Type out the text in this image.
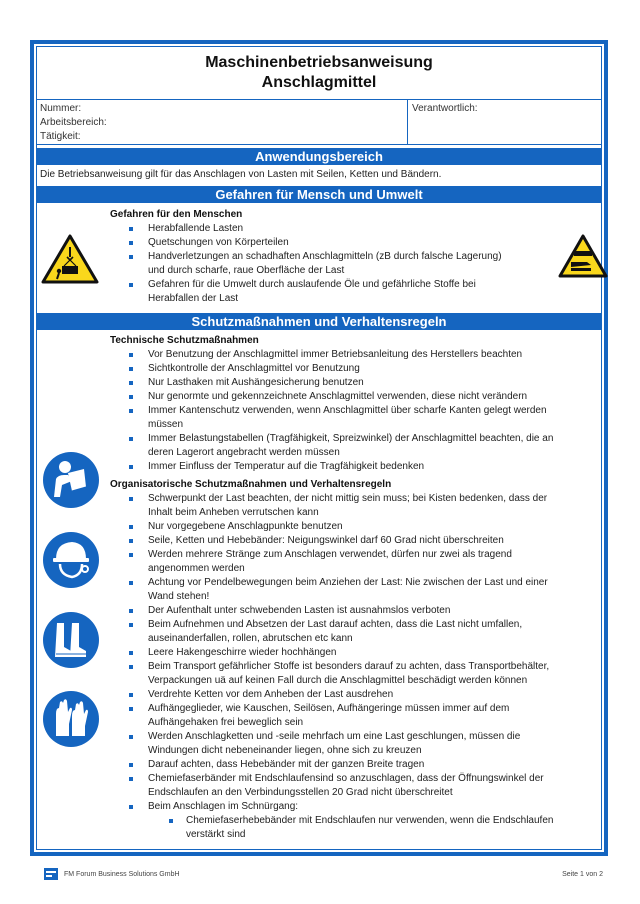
Maschinenbetriebsanweisung
Anschlagmittel
Nummer:
Arbeitsbereich:
Tätigkeit:
Verantwortlich:
Anwendungsbereich
Die Betriebsanweisung gilt für das Anschlagen von Lasten mit Seilen, Ketten und Bändern.
Gefahren für Mensch und Umwelt
Gefahren für den Menschen
Herabfallende Lasten
Quetschungen von Körperteilen
Handverletzungen an schadhaften Anschlagmitteln (zB durch falsche Lagerung)
und durch scharfe, raue Oberfläche der Last
Gefahren für die Umwelt durch auslaufende Öle und gefährliche Stoffe bei
Herabfallen der Last
Schutzmaßnahmen und Verhaltensregeln
Technische Schutzmaßnahmen
Vor Benutzung der Anschlagmittel immer Betriebsanleitung des Herstellers beachten
Sichtkontrolle der Anschlagmittel vor Benutzung
Nur Lasthaken mit Aushängesicherung benutzen
Nur genormte und gekennzeichnete Anschlagmittel verwenden, diese nicht verändern
Immer Kantenschutz verwenden, wenn Anschlagmittel über scharfe Kanten gelegt werden
müssen
Immer Belastungstabellen (Tragfähigkeit, Spreizwinkel) der Anschlagmittel beachten, die an
deren Lagerort angebracht werden müssen
Immer Einfluss der Temperatur auf die Tragfähigkeit bedenken
Organisatorische Schutzmaßnahmen und Verhaltensregeln
Schwerpunkt der Last beachten, der nicht mittig sein muss; bei Kisten bedenken, dass der
Inhalt beim Anheben verrutschen kann
Nur vorgegebene Anschlagpunkte benutzen
Seile, Ketten und Hebebänder: Neigungswinkel darf 60 Grad nicht überschreiten
Werden mehrere Stränge zum Anschlagen verwendet, dürfen nur zwei als tragend
angenommen werden
Achtung vor Pendelbewegungen beim Anziehen der Last: Nie zwischen der Last und einer
Wand stehen!
Der Aufenthalt unter schwebenden Lasten ist ausnahmslos verboten
Beim Aufnehmen und Absetzen der Last darauf achten, dass die Last nicht umfallen,
auseinanderfallen, rollen, abrutschen etc kann
Leere Hakengeschirre wieder hochhängen
Beim Transport gefährlicher Stoffe ist besonders darauf zu achten, dass Transportbehälter,
Verpackungen uä auf keinen Fall durch die Anschlagmittel beschädigt werden können
Verdrehte Ketten vor dem Anheben der Last ausdrehen
Aufhängeglieder, wie Kauschen, Seilösen, Aufhängeringe müssen immer auf dem
Aufhängehaken frei beweglich sein
Werden Anschlagketten und -seile mehrfach um eine Last geschlungen, müssen die
Windungen dicht nebeneinander liegen, ohne sich zu kreuzen
Darauf achten, dass Hebebänder mit der ganzen Breite tragen
Chemiefaserbänder mit Endschlaufensind so anzuschlagen, dass der Öffnungswinkel der
Endschlaufen an den Verbindungsstellen 20 Grad nicht überschreitet
Beim Anschlagen im Schnürgang:
Chemiefaserhebebänder mit Endschlaufen nur verwenden, wenn die Endschlaufen
verstärkt sind
FM Forum Business Solutions GmbH	Seite 1 von 2
